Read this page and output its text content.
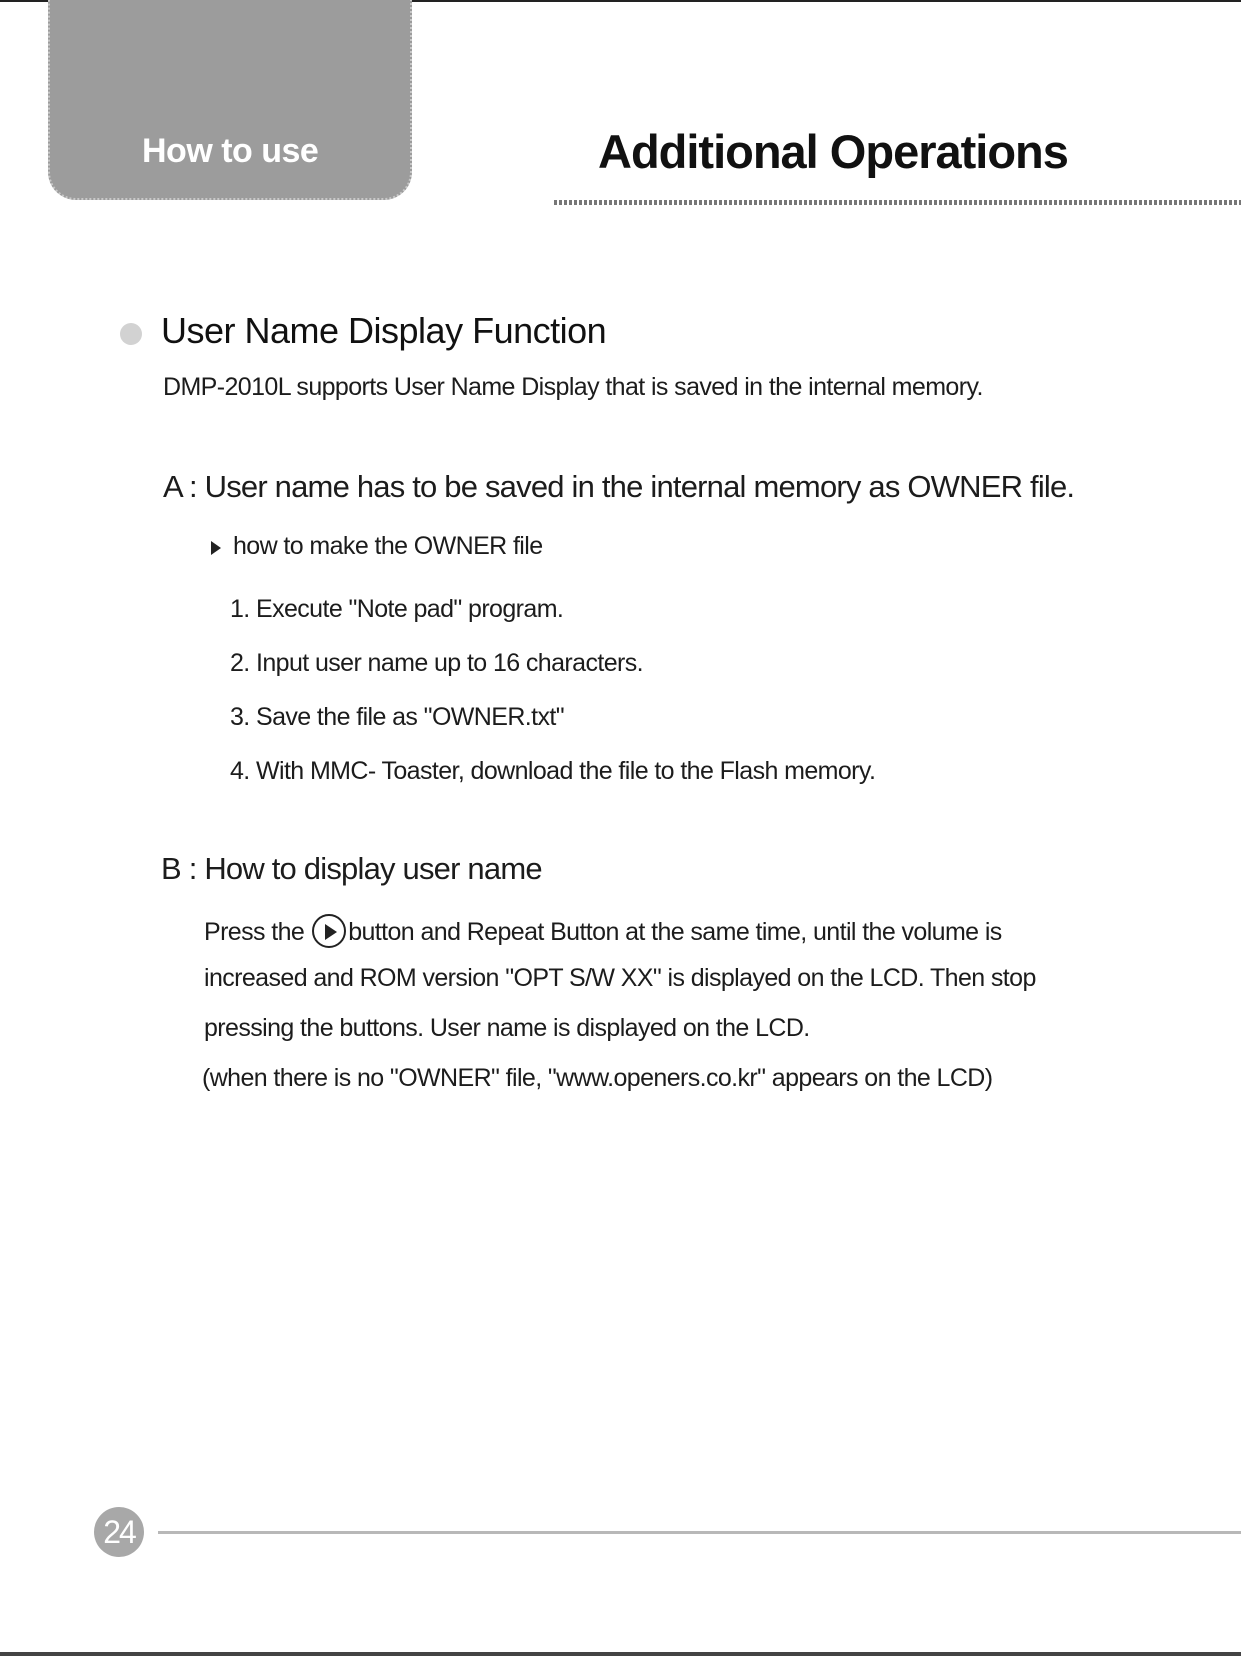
How to use	Additional Operations
User Name Display Function
DMP-2010L supports User Name Display that is saved in the internal memory.
A : User name has to be saved in the internal memory as OWNER file.
how to make the OWNER file
1. Execute "Note pad" program.
2. Input user name up to 16 characters.
3. Save the file as "OWNER.txt"
4. With MMC- Toaster, download the file to the Flash memory.
B : How to display user name
Press the button and Repeat Button at the same time, until the volume is
increased and ROM version "OPT S/W XX" is displayed on the LCD. Then stop
pressing the buttons. User name is displayed on the LCD.
(when there is no "OWNER" file, "www.openers.co.kr" appears on the LCD)
24
